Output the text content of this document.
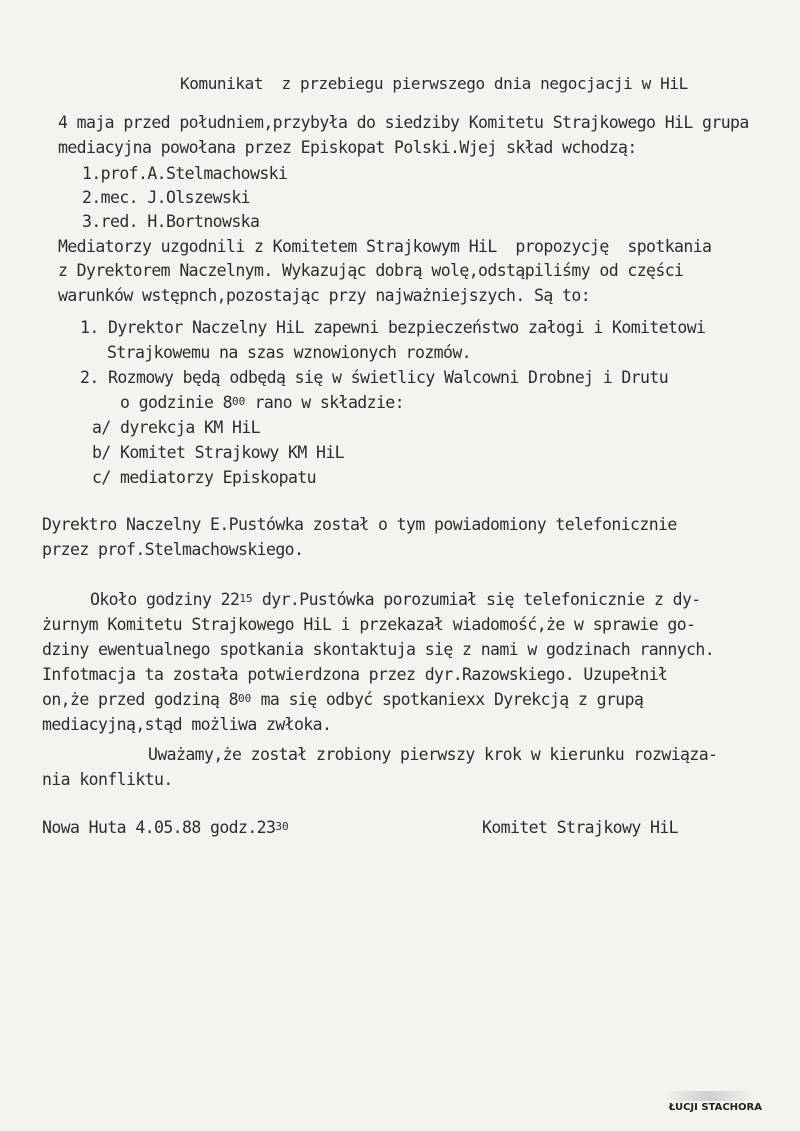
Komunikat  z przebiegu pierwszego dnia negocjacji w HiL
4 maja przed południem,przybyła do siedziby Komitetu Strajkowego HiL grupa
mediacyjna powołana przez Episkopat Polski.Wjej skład wchodzą:
1.prof.A.Stelmachowski
2.mec. J.Olszewski
3.red. H.Bortnowska
Mediatorzy uzgodnili z Komitetem Strajkowym HiL  propozycję  spotkania
z Dyrektorem Naczelnym. Wykazując dobrą wolę,odstąpiliśmy od części
warunków wstępnch,pozostając przy najważniejszych. Są to:
1. Dyrektor Naczelny HiL zapewni bezpieczeństwo załogi i Komitetowi
Strajkowemu na szas wznowionych rozmów.
2. Rozmowy będą odbędą się w świetlicy Walcowni Drobnej i Drutu
o godzinie $8^{00}$ rano w składzie:
a/ dyrekcja KM HiL
b/ Komitet Strajkowy KM HiL
c/ mediatorzy Episkopatu
Dyrektro Naczelny E.Pustówka został o tym powiadomiony telefonicznie
przez prof.Stelmachowskiego.
Około godziny $22^{15}$ dyr.Pustówka porozumiał się telefonicznie z dy-
żurnym Komitetu Strajkowego HiL i przekazał wiadomość,że w sprawie go-
dziny ewentualnego spotkania skontaktuja się z nami w godzinach rannych.
Infotmacja ta została potwierdzona przez dyr.Razowskiego. Uzupełnił
on,że przed godziną $8^{00}$ ma się odbyć spotkaniexx Dyrekcją z grupą
mediacyjną,stąd możliwa zwłoka.
Uważamy,że został zrobiony pierwszy krok w kierunku rozwiąza-
nia konfliktu.
Nowa Huta 4.05.88 $godz.23^{30}$	Komitet Strajkowy HiL
ŁUCJI STACHORA
